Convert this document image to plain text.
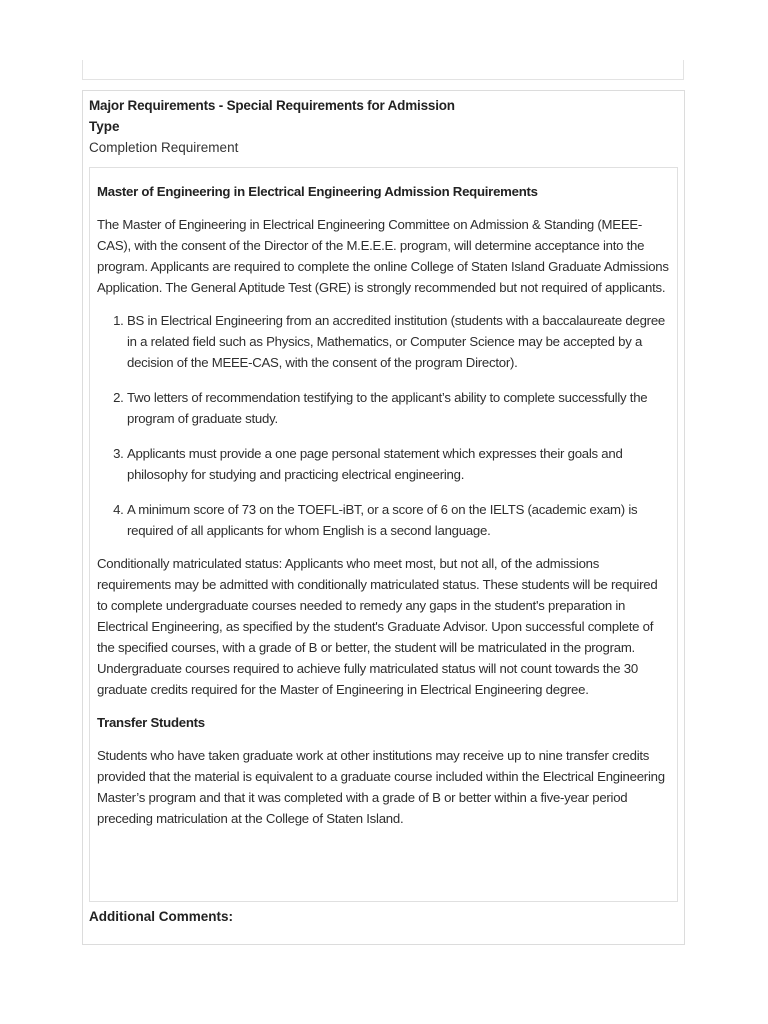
Major Requirements - Special Requirements for Admission
Type
Completion Requirement
Master of Engineering in Electrical Engineering Admission Requirements

The Master of Engineering in Electrical Engineering Committee on Admission & Standing (MEEE-CAS), with the consent of the Director of the M.E.E.E. program, will determine acceptance into the program. Applicants are required to complete the online College of Staten Island Graduate Admissions Application. The General Aptitude Test (GRE) is strongly recommended but not required of applicants.

1. BS in Electrical Engineering from an accredited institution (students with a baccalaureate degree in a related field such as Physics, Mathematics, or Computer Science may be accepted by a decision of the MEEE-CAS, with the consent of the program Director).
2. Two letters of recommendation testifying to the applicant’s ability to complete successfully the program of graduate study.
3. Applicants must provide a one page personal statement which expresses their goals and philosophy for studying and practicing electrical engineering.
4. A minimum score of 73 on the TOEFL-iBT, or a score of 6 on the IELTS (academic exam) is required of all applicants for whom English is a second language.

Conditionally matriculated status: Applicants who meet most, but not all, of the admissions requirements may be admitted with conditionally matriculated status. These students will be required to complete undergraduate courses needed to remedy any gaps in the student's preparation in Electrical Engineering, as specified by the student's Graduate Advisor. Upon successful complete of the specified courses, with a grade of B or better, the student will be matriculated in the program. Undergraduate courses required to achieve fully matriculated status will not count towards the 30 graduate credits required for the Master of Engineering in Electrical Engineering degree.

Transfer Students

Students who have taken graduate work at other institutions may receive up to nine transfer credits provided that the material is equivalent to a graduate course included within the Electrical Engineering Master’s program and that it was completed with a grade of B or better within a five-year period preceding matriculation at the College of Staten Island.

Additional Comments:
